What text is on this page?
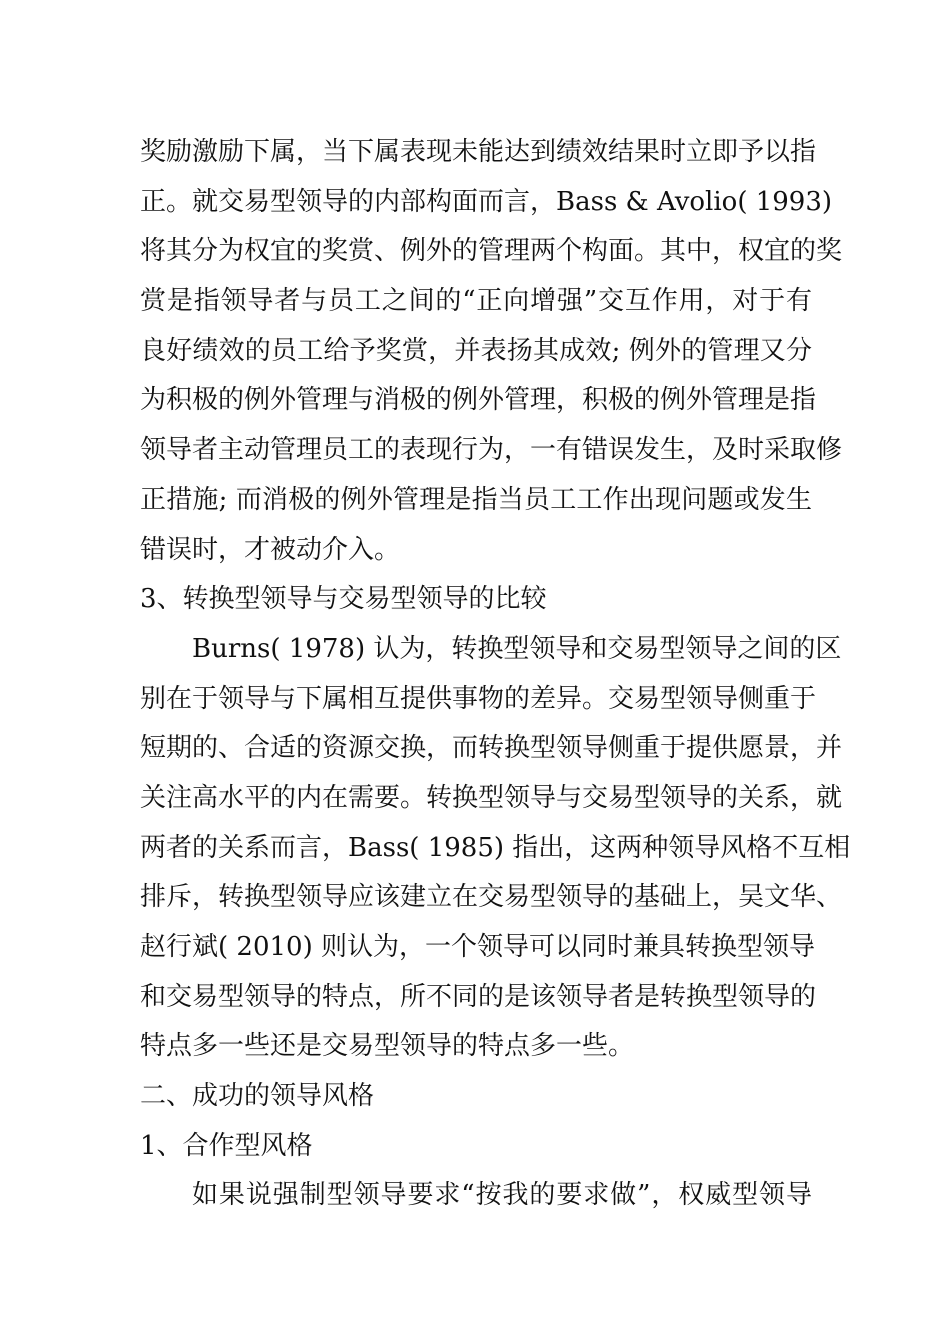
奖励激励下属，当下属表现未能达到绩效结果时立即予以指
正。就交易型领导的内部构面而言，Bass & Avolio( 1993)
将其分为权宜的奖赏、例外的管理两个构面。其中，权宜的奖
赏是指领导者与员工之间的“正向增强”交互作用，对于有
良好绩效的员工给予奖赏，并表扬其成效; 例外的管理又分
为积极的例外管理与消极的例外管理，积极的例外管理是指
领导者主动管理员工的表现行为，一有错误发生，及时采取修
正措施; 而消极的例外管理是指当员工工作出现问题或发生
错误时，才被动介入。
3、转换型领导与交易型领导的比较
Burns( 1978) 认为，转换型领导和交易型领导之间的区
别在于领导与下属相互提供事物的差异。交易型领导侧重于
短期的、合适的资源交换，而转换型领导侧重于提供愿景，并
关注高水平的内在需要。转换型领导与交易型领导的关系，就
两者的关系而言，Bass( 1985) 指出，这两种领导风格不互相
排斥，转换型领导应该建立在交易型领导的基础上，吴文华、
赵行斌( 2010) 则认为，一个领导可以同时兼具转换型领导
和交易型领导的特点，所不同的是该领导者是转换型领导的
特点多一些还是交易型领导的特点多一些。
二、成功的领导风格
1、合作型风格
如果说强制型领导要求“按我的要求做”，权威型领导
